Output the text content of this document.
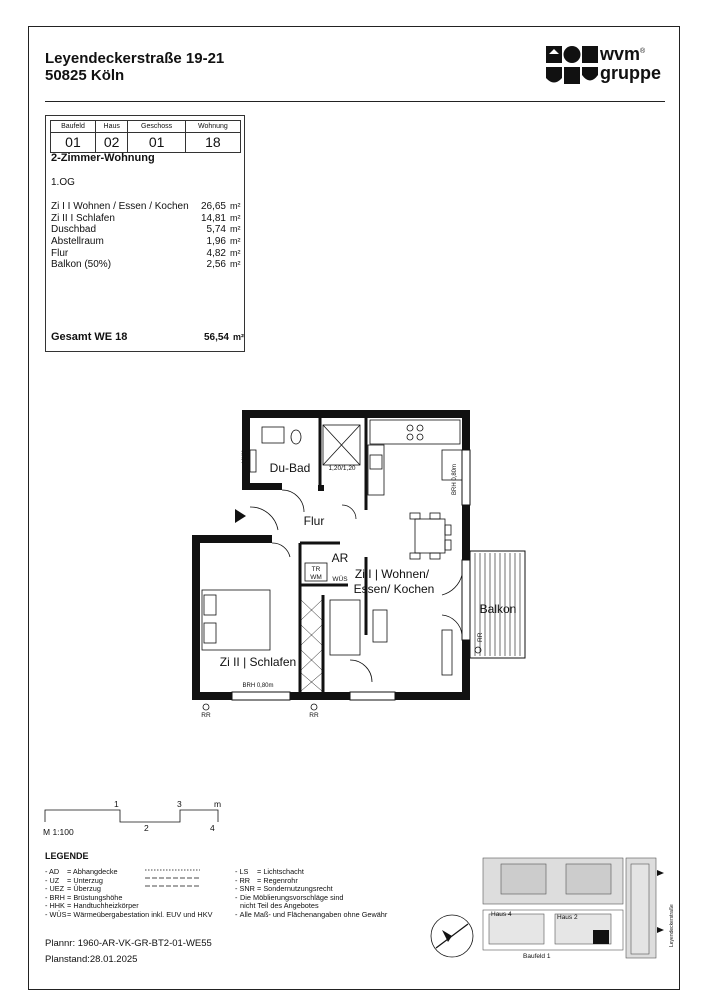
Leyendeckerstraße 19-21
50825 Köln
wvm®
gruppe
Baufeld	Haus	Geschoss	Wohnung
01	02	01	18
2-Zimmer-Wohnung
1.OG
Zi I I Wohnen / Essen / Kochen	26,65 m²
Zi II I Schlafen	14,81 m²
Duschbad	5,74 m²
Abstellraum	1,96 m²
Flur	4,82 m²
Balkon (50%)	2,56 m²
Gesamt WE 18	56,54 m²
Du-Bad
HHK
1,20/1,20
Flur
AR
TR
WM WÜS Zi I | Wohnen/
Essen/ Kochen
Balkon
Zi II | Schlafen
BRH 0,80m
BRH 0,80m
RR	RR
RR
1	3	m
2	4
M 1:100
LEGENDE
- AD = Abhangdecke
- UZ = Unterzug
- UEZ = Überzug
- BRH = Brüstungshöhe
- HHK = Handtuchheizkörper
- WÜS = Wärmeübergabestation inkl. EUV und HKV
- LS = Lichtschacht
- RR = Regenrohr
- SNR = Sondernutzungsrecht
- Die Möblierungsvorschläge sind
nicht Teil des Angebotes
- Alle Maß- und Flächenangaben ohne Gewähr	Haus 4	Haus 2
Baufeld 1
Leyendeckerstraße
Plannr: 1960-AR-VK-GR-BT2-01-WE55
Planstand:28.01.2025
